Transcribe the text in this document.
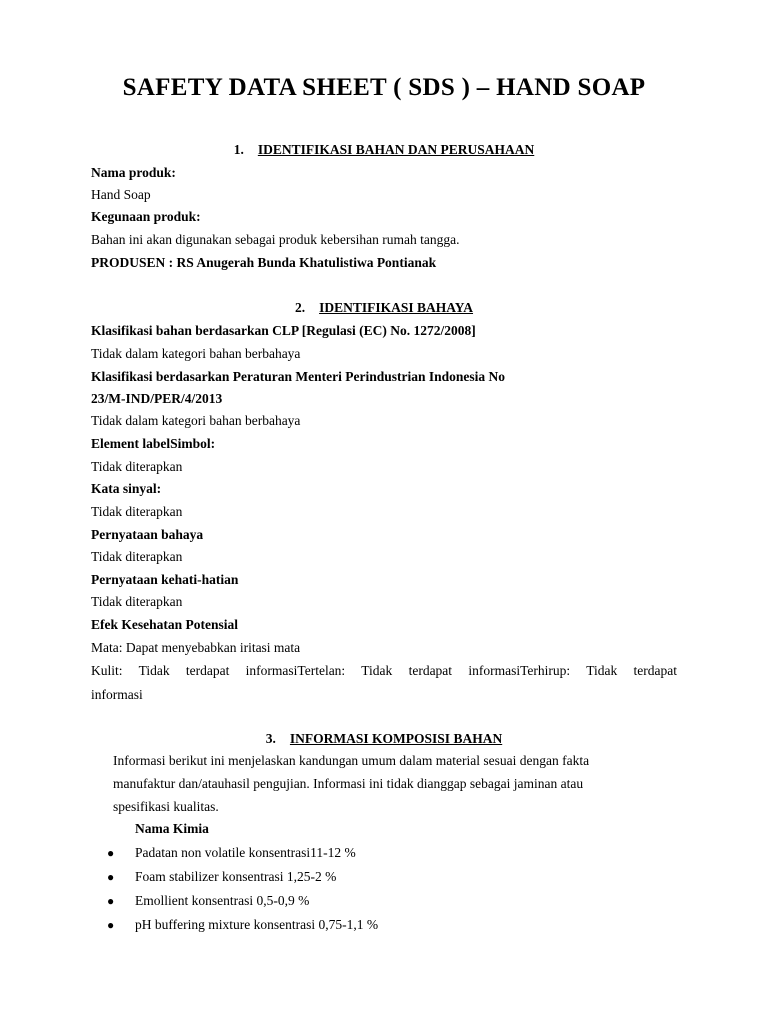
SAFETY DATA SHEET ( SDS ) – HAND SOAP
1. IDENTIFIKASI BAHAN DAN PERUSAHAAN
Nama produk:
Hand Soap
Kegunaan produk:
Bahan ini akan digunakan sebagai produk kebersihan rumah tangga.
PRODUSEN : RS Anugerah Bunda Khatulistiwa Pontianak
2. IDENTIFIKASI BAHAYA
Klasifikasi bahan berdasarkan CLP [Regulasi (EC) No. 1272/2008]
Tidak dalam kategori bahan berbahaya
Klasifikasi berdasarkan Peraturan Menteri Perindustrian Indonesia No
23/M-IND/PER/4/2013
Tidak dalam kategori bahan berbahaya
Element labelSimbol:
Tidak diterapkan
Kata sinyal:
Tidak diterapkan
Pernyataan bahaya
Tidak diterapkan
Pernyataan kehati-hatian
Tidak diterapkan
Efek Kesehatan Potensial
Mata: Dapat menyebabkan iritasi mata
Kulit: Tidak terdapat informasiTertelan: Tidak terdapat informasiTerhirup: Tidak terdapat
informasi
3. INFORMASI KOMPOSISI BAHAN
Informasi berikut ini menjelaskan kandungan umum dalam material sesuai dengan fakta
manufaktur dan/atauhasil pengujian. Informasi ini tidak dianggap sebagai jaminan atau
spesifikasi kualitas.
Nama Kimia
● Padatan non volatile konsentrasi11-12 %
● Foam stabilizer konsentrasi 1,25-2 %
● Emollient konsentrasi 0,5-0,9 %
● pH buffering mixture konsentrasi 0,75-1,1 %
